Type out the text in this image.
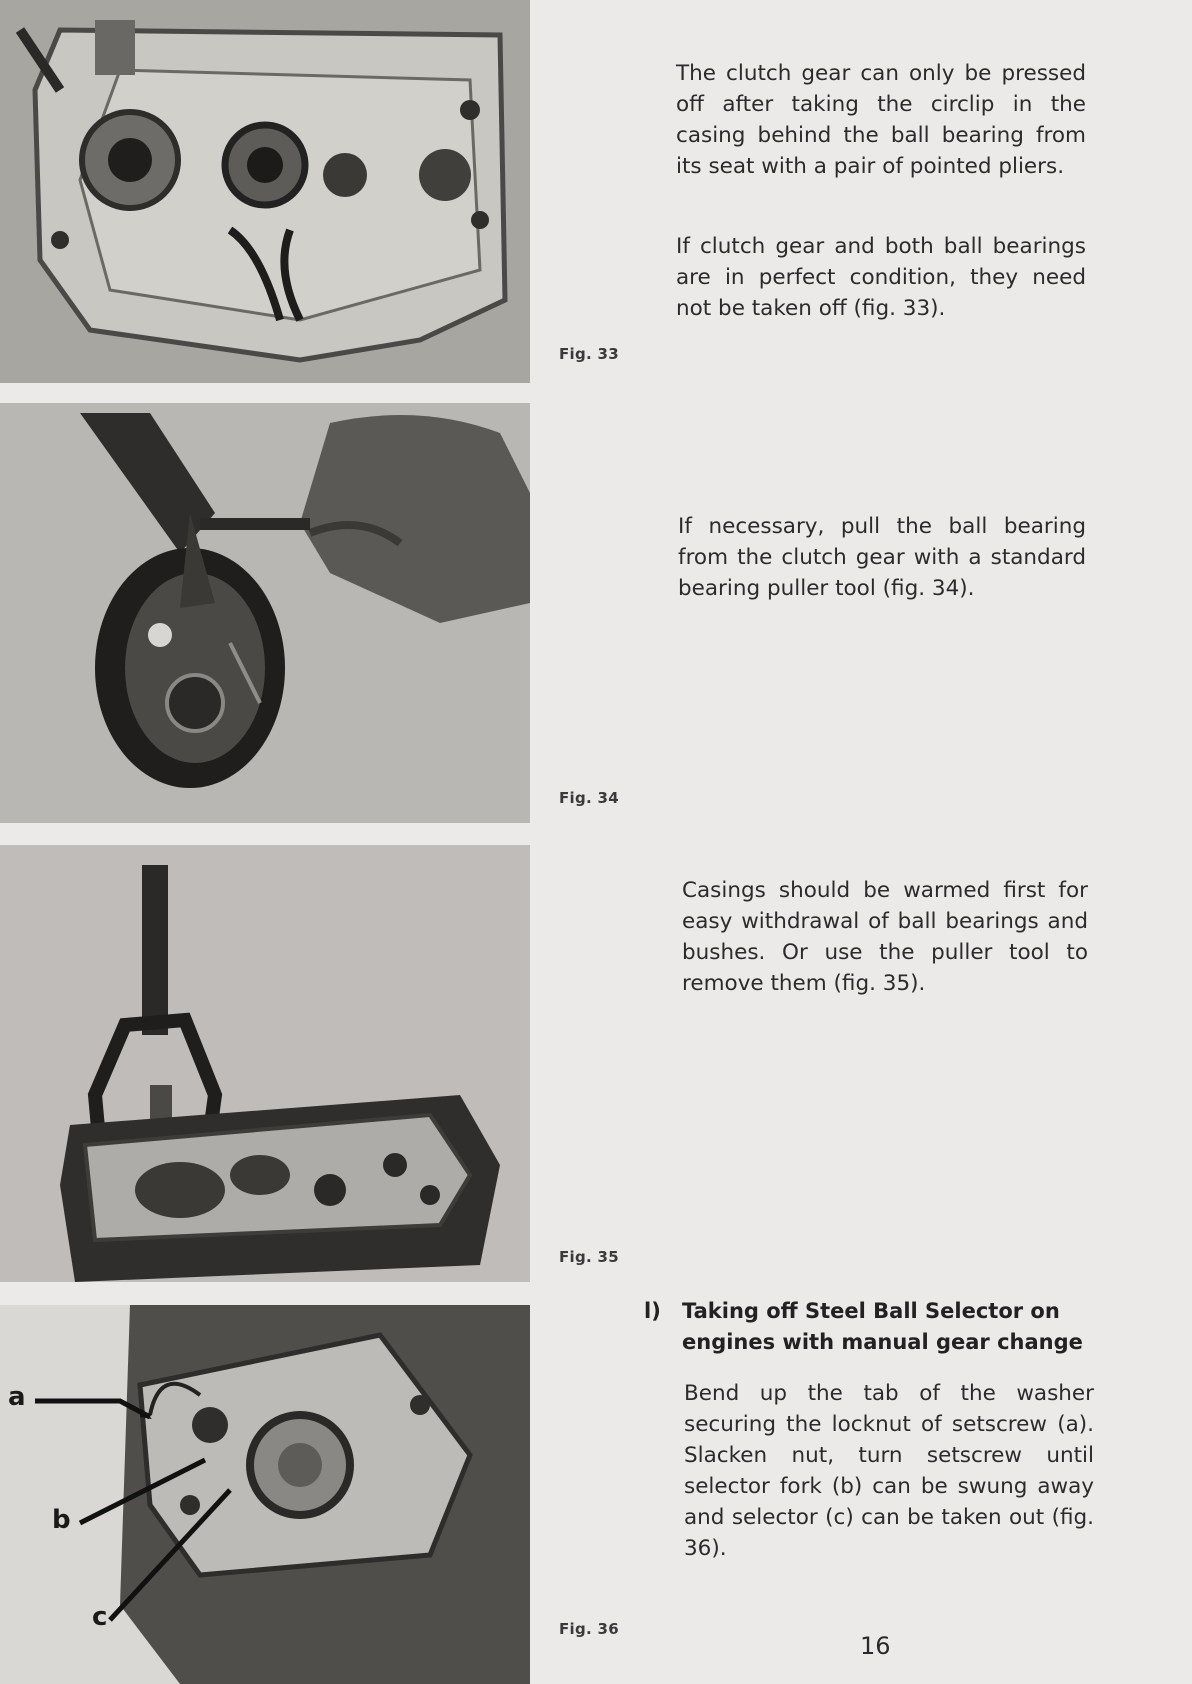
Fig. 33
Fig. 34
Fig. 35
a
b
c	Fig. 36

The clutch gear can only be pressed off after taking the circlip in the casing behind the ball bearing from its seat with a pair of pointed pliers.

If clutch gear and both ball bearings are in perfect condition, they need not be taken off (fig. 33).

If necessary, pull the ball bearing from the clutch gear with a standard bearing puller tool (fig. 34).

Casings should be warmed first for easy withdrawal of ball bearings and bushes. Or use the puller tool to remove them (fig. 35).

l) Taking off Steel Ball Selector on engines with manual gear change

Bend up the tab of the washer securing the locknut of setscrew (a). Slacken nut, turn setscrew until selector fork (b) can be swung away and selector (c) can be taken out (fig. 36).

16
